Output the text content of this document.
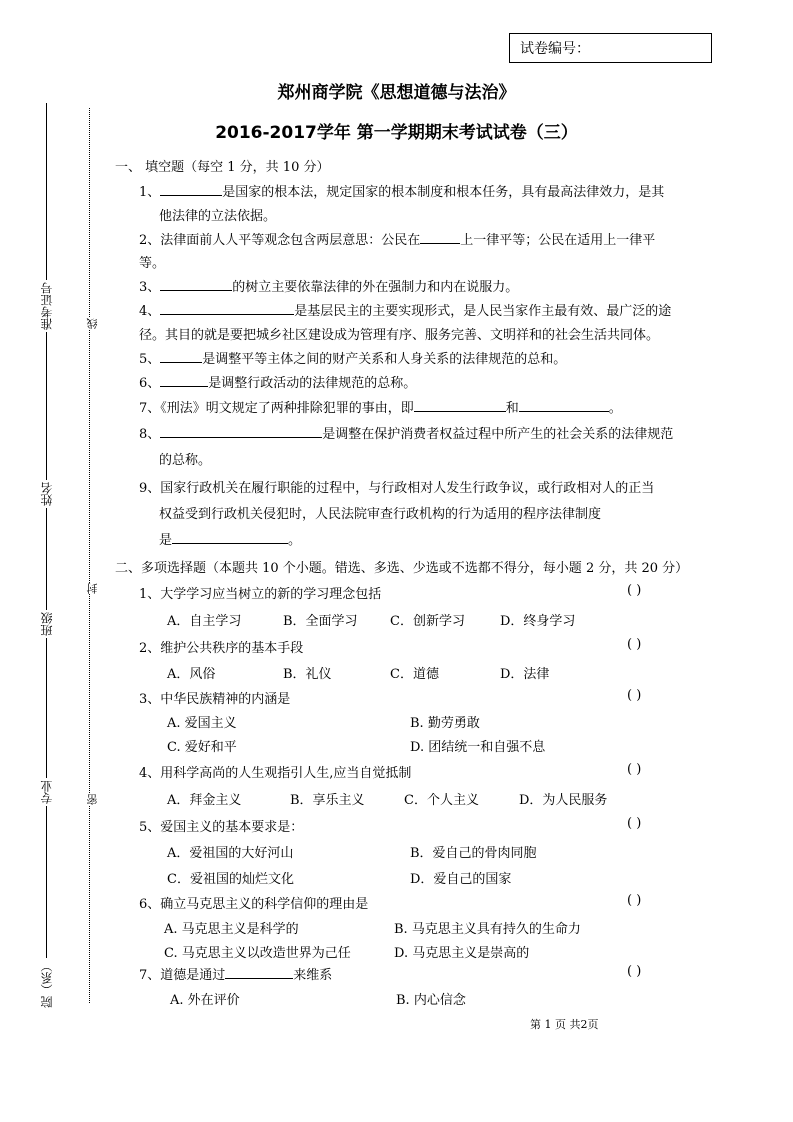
试卷编号：
郑州商学院《思想道德与法治》
2016-2017学年 第一学期期末考试试卷（三）
准考证号
姓名
班级
专业
院（系）
线
封
密
一、 填空题（每空 1 分，共 10 分）
1、	是国家的根本法，规定国家的根本制度和根本任务，具有最高法律效力，是其
他法律的立法依据。
2、法律面前人人平等观念包含两层意思：公民在	上一律平等；公民在适用上一律平
等。
3、	的树立主要依靠法律的外在强制力和内在说服力。
4、	是基层民主的主要实现形式，是人民当家作主最有效、最广泛的途
径。其目的就是要把城乡社区建设成为管理有序、服务完善、文明祥和的社会生活共同体。
5、	是调整平等主体之间的财产关系和人身关系的法律规范的总和。
6、	是调整行政活动的法律规范的总称。
7、《刑法》明文规定了两种排除犯罪的事由，即	和	。
8、	是调整在保护消费者权益过程中所产生的社会关系的法律规范
的总称。
9、国家行政机关在履行职能的过程中，与行政相对人发生行政争议，或行政相对人的正当
权益受到行政机关侵犯时，人民法院审查行政机构的行为适用的程序法律制度
是	。
二、多项选择题（本题共 10 个小题。错选、多选、少选或不选都不得分，每小题 2 分，共 20 分）
1、大学学习应当树立的新的学习理念包括	( )
A．自主学习	B．全面学习 C．创新学习	D．终身学习
2、维护公共秩序的基本手段	( )
A．风俗	B．礼仪	C．道德	D．法律
3、中华民族精神的内涵是	( )
A. 爱国主义	B. 勤劳勇敢
C. 爱好和平	D. 团结统一和自强不息
4、用科学高尚的人生观指引人生,应当自觉抵制	( )
A．拜金主义	B．享乐主义	C．个人主义	D．为人民服务
5、爱国主义的基本要求是：	( )
A．爱祖国的大好河山	B．爱自己的骨肉同胞
C．爱祖国的灿烂文化	D．爱自己的国家
6、确立马克思主义的科学信仰的理由是	( )
A. 马克思主义是科学的	B. 马克思主义具有持久的生命力
C. 马克思主义以改造世界为己任	D. 马克思主义是崇高的
7、道德是通过	来维系	( )
A. 外在评价	B. 内心信念
第 1 页 共2页
